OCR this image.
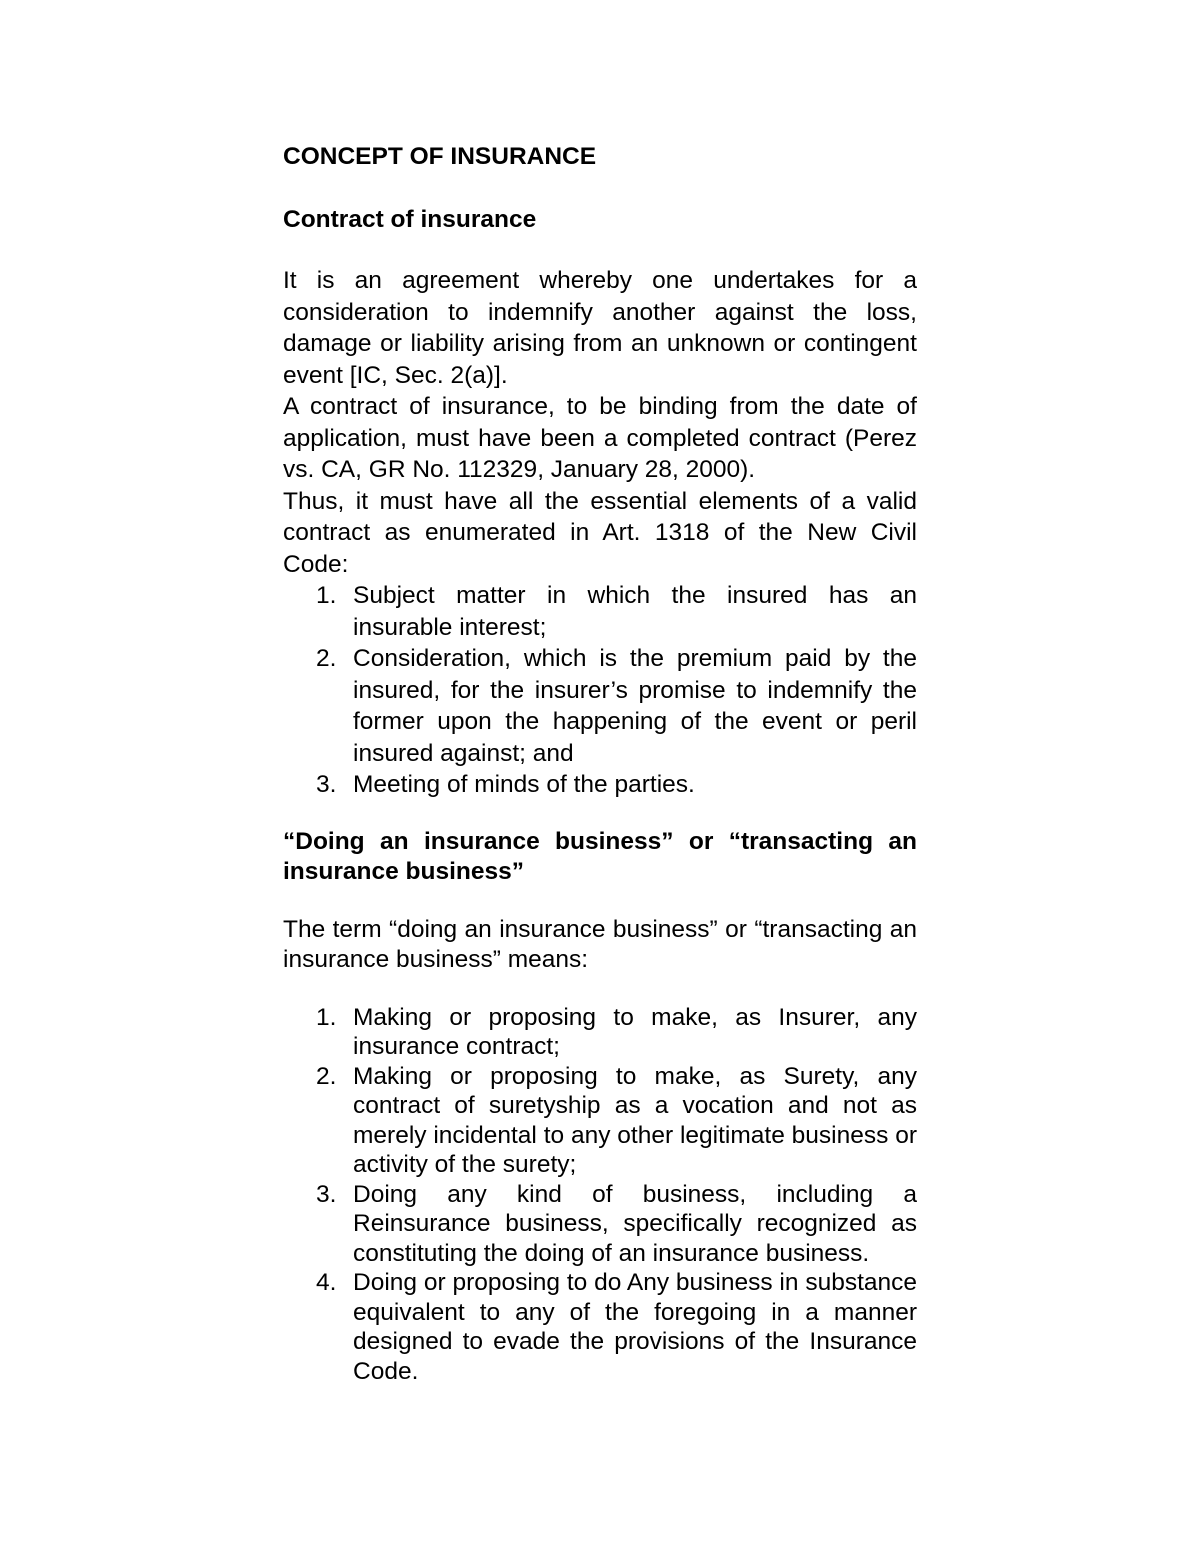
CONCEPT OF INSURANCE
Contract of insurance
It is an agreement whereby one undertakes for a consideration to indemnify another against the loss, damage or liability arising from an unknown or contingent event [IC, Sec. 2(a)].
A contract of insurance, to be binding from the date of application, must have been a completed contract (Perez vs. CA, GR No. 112329, January 28, 2000).
Thus, it must have all the essential elements of a valid contract as enumerated in Art. 1318 of the New Civil Code:
1. Subject matter in which the insured has an insurable interest;
2. Consideration, which is the premium paid by the insured, for the insurer’s promise to indemnify the former upon the happening of the event or peril insured against; and
3. Meeting of minds of the parties.
“Doing an insurance business” or “transacting an insurance business”
The term “doing an insurance business” or “transacting an insurance business” means:
1. Making or proposing to make, as Insurer, any insurance contract;
2. Making or proposing to make, as Surety, any contract of suretyship as a vocation and not as merely incidental to any other legitimate business or activity of the surety;
3. Doing any kind of business, including a Reinsurance business, specifically recognized as constituting the doing of an insurance business.
4. Doing or proposing to do Any business in substance equivalent to any of the foregoing in a manner designed to evade the provisions of the Insurance Code.
